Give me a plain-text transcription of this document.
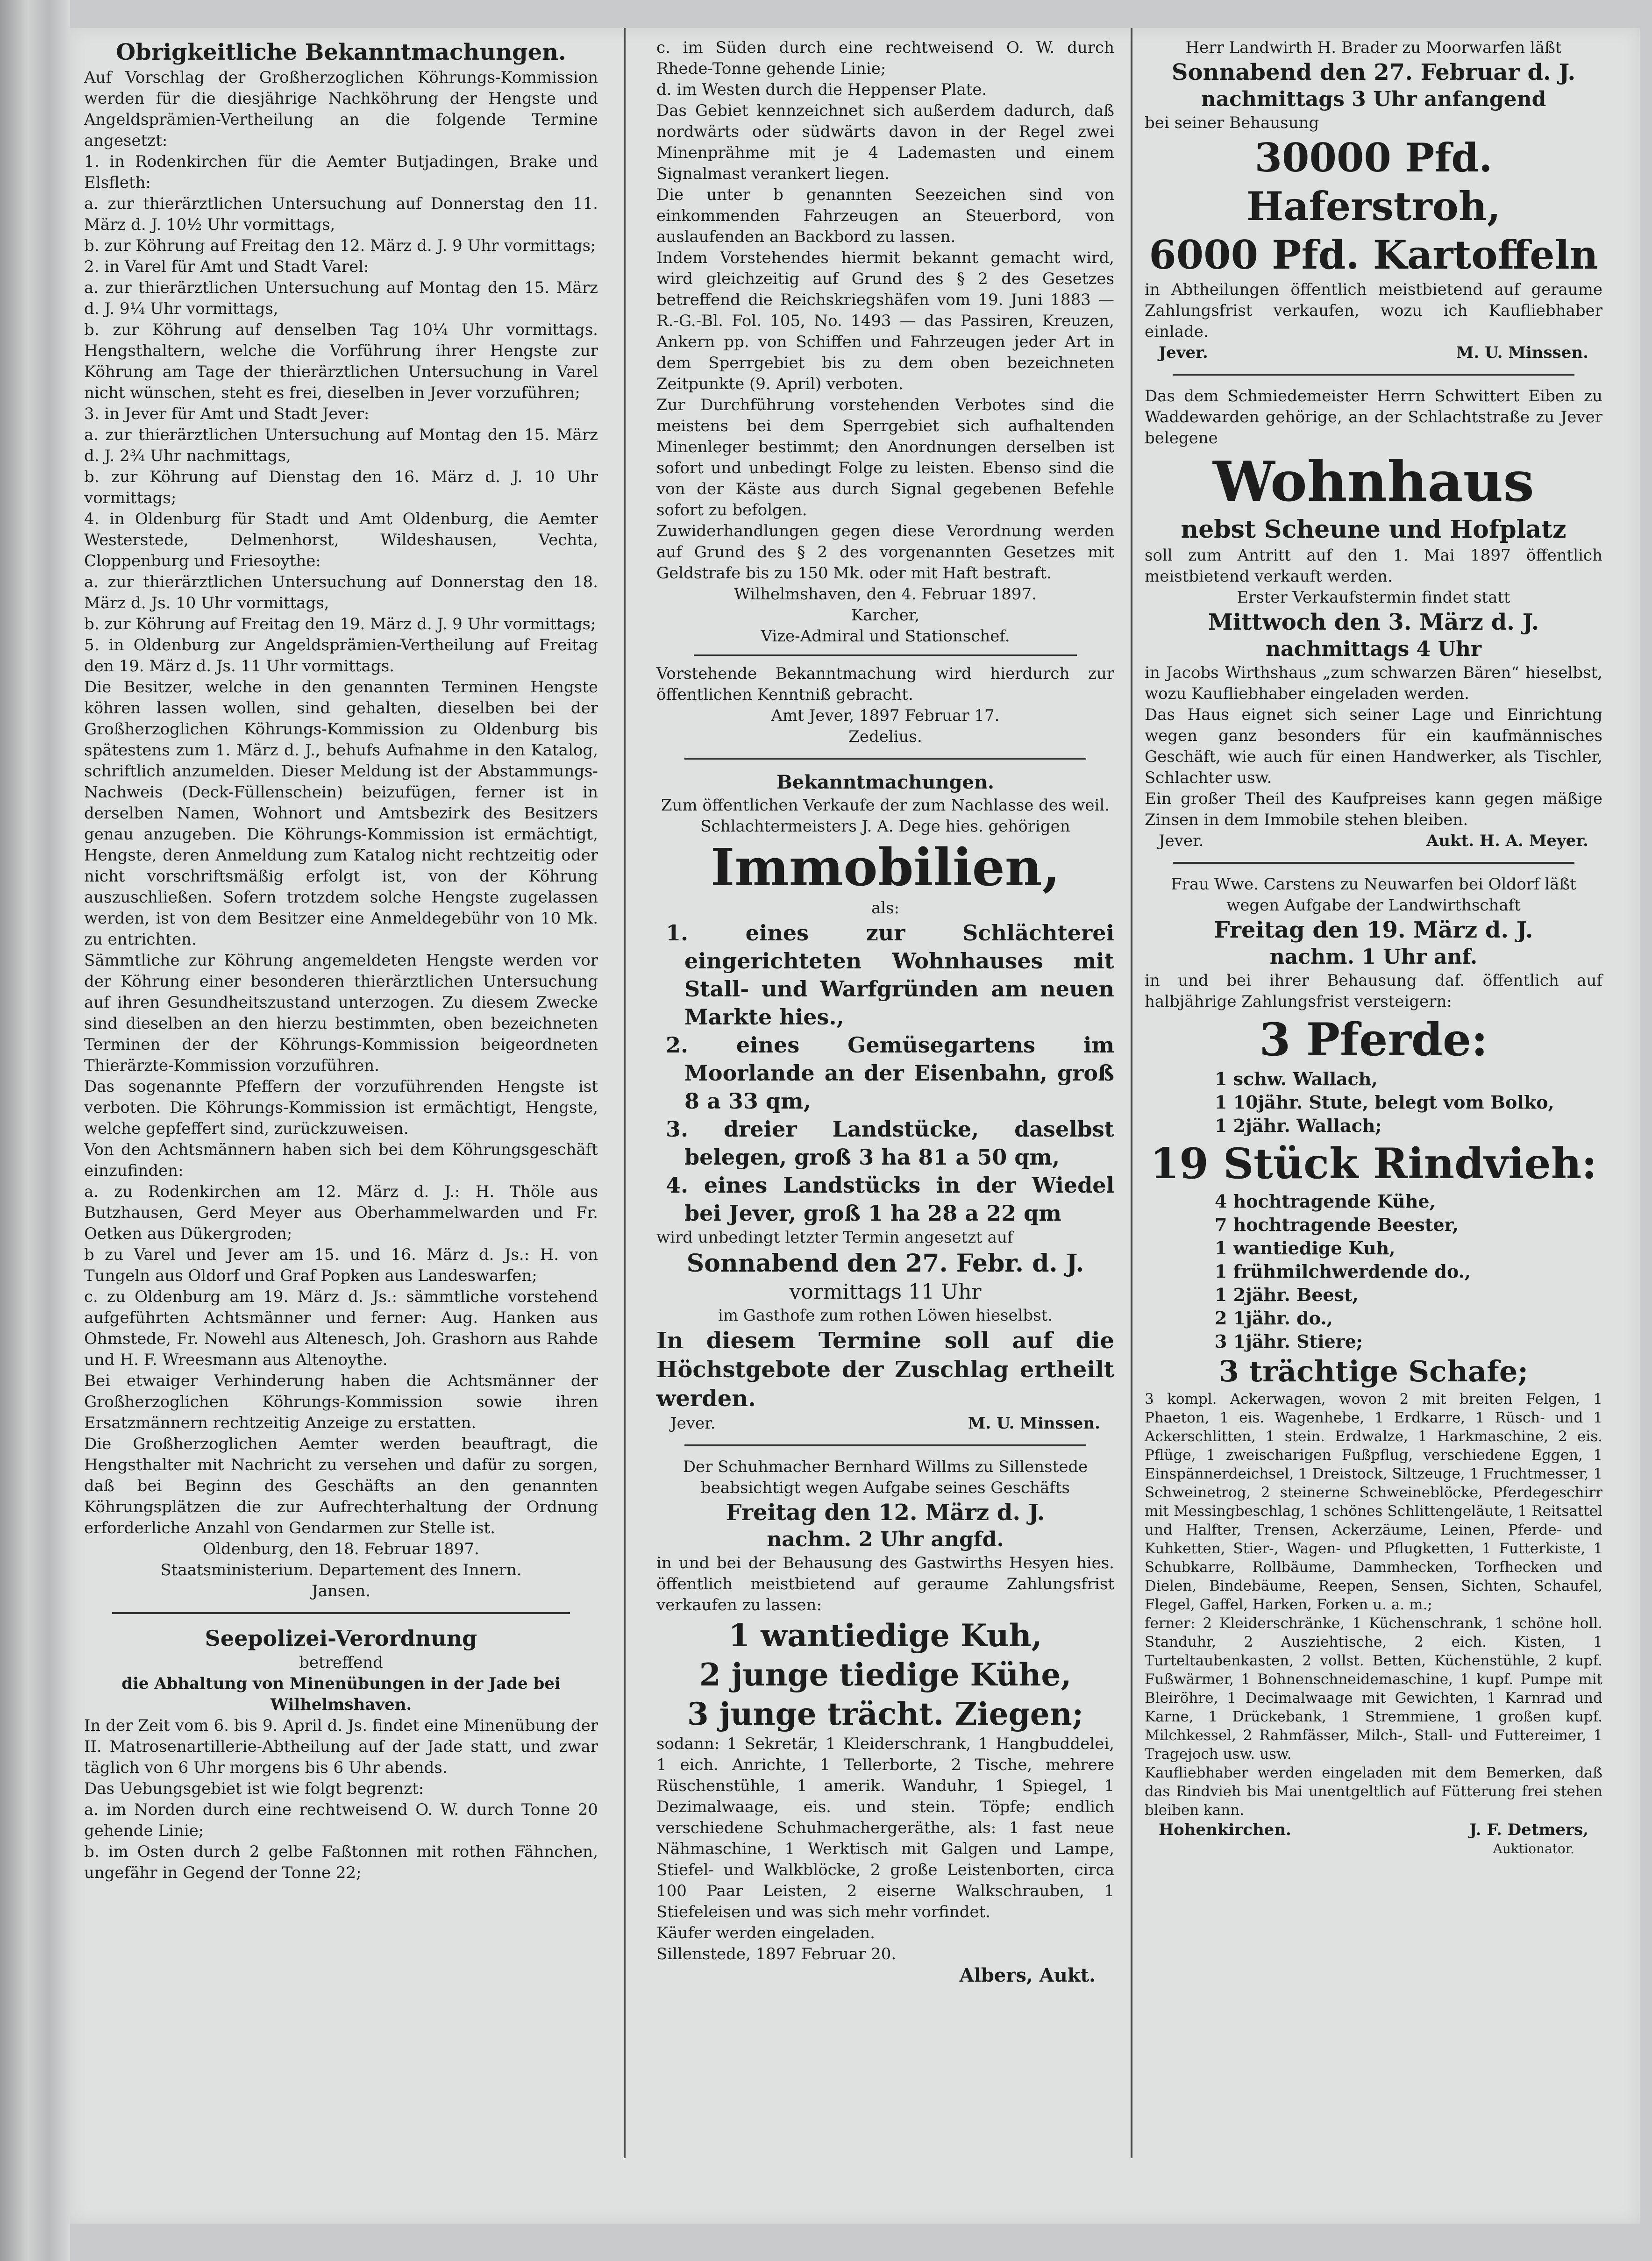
Obrigkeitliche Bekanntmachungen.

Auf Vorschlag der Großherzoglichen Köhrungs-Kommission werden für die diesjährige Nachköhrung der Hengste und Angeldsprämien-Vertheilung an die folgende Termine angesetzt:

1. in Rodenkirchen für die Aemter Butjadingen, Brake und Elsfleth:

a. zur thierärztlichen Untersuchung auf Donnerstag den 11. März d. J. 10½ Uhr vormittags,

b. zur Köhrung auf Freitag den 12. März d. J. 9 Uhr vormittags;

2. in Varel für Amt und Stadt Varel:

a. zur thierärztlichen Untersuchung auf Montag den 15. März d. J. 9¼ Uhr vormittags,

b. zur Köhrung auf denselben Tag 10¼ Uhr vormittags. Hengsthaltern, welche die Vorführung ihrer Hengste zur Köhrung am Tage der thierärztlichen Untersuchung in Varel nicht wünschen, steht es frei, dieselben in Jever vorzuführen;

3. in Jever für Amt und Stadt Jever:

a. zur thierärztlichen Untersuchung auf Montag den 15. März d. J. 2¾ Uhr nachmittags,

b. zur Köhrung auf Dienstag den 16. März d. J. 10 Uhr vormittags;

4. in Oldenburg für Stadt und Amt Oldenburg, die Aemter Westerstede, Delmenhorst, Wildeshausen, Vechta, Cloppenburg und Friesoythe:

a. zur thierärztlichen Untersuchung auf Donnerstag den 18. März d. Js. 10 Uhr vormittags,

b. zur Köhrung auf Freitag den 19. März d. J. 9 Uhr vormittags;

5. in Oldenburg zur Angeldsprämien-Vertheilung auf Freitag den 19. März d. Js. 11 Uhr vormittags.

Die Besitzer, welche in den genannten Terminen Hengste köhren lassen wollen, sind gehalten, dieselben bei der Großherzoglichen Köhrungs-Kommission zu Oldenburg bis spätestens zum 1. März d. J., behufs Aufnahme in den Katalog, schriftlich anzumelden. Dieser Meldung ist der Abstammungs-Nachweis (Deck-Füllenschein) beizufügen, ferner ist in derselben Namen, Wohnort und Amtsbezirk des Besitzers genau anzugeben. Die Köhrungs-Kommission ist ermächtigt, Hengste, deren Anmeldung zum Katalog nicht rechtzeitig oder nicht vorschriftsmäßig erfolgt ist, von der Köhrung auszuschließen. Sofern trotzdem solche Hengste zugelassen werden, ist von dem Besitzer eine Anmeldegebühr von 10 Mk. zu entrichten.

Sämmtliche zur Köhrung angemeldeten Hengste werden vor der Köhrung einer besonderen thierärztlichen Untersuchung auf ihren Gesundheitszustand unterzogen. Zu diesem Zwecke sind dieselben an den hierzu bestimmten, oben bezeichneten Terminen der der Köhrungs-Kommission beigeordneten Thierärzte-Kommission vorzuführen.

Das sogenannte Pfeffern der vorzuführenden Hengste ist verboten. Die Köhrungs-Kommission ist ermächtigt, Hengste, welche gepfeffert sind, zurückzuweisen.

Von den Achtsmännern haben sich bei dem Köhrungsgeschäft einzufinden:

a. zu Rodenkirchen am 12. März d. J.: H. Thöle aus Butzhausen, Gerd Meyer aus Oberhammelwarden und Fr. Oetken aus Dükergroden;

b zu Varel und Jever am 15. und 16. März d. Js.: H. von Tungeln aus Oldorf und Graf Popken aus Landeswarfen;

c. zu Oldenburg am 19. März d. Js.: sämmtliche vorstehend aufgeführten Achtsmänner und ferner: Aug. Hanken aus Ohmstede, Fr. Nowehl aus Altenesch, Joh. Grashorn aus Rahde und H. F. Wreesmann aus Altenoythe.

Bei etwaiger Verhinderung haben die Achtsmänner der Großherzoglichen Köhrungs-Kommission sowie ihren Ersatzmännern rechtzeitig Anzeige zu erstatten.

Die Großherzoglichen Aemter werden beauftragt, die Hengsthalter mit Nachricht zu versehen und dafür zu sorgen, daß bei Beginn des Geschäfts an den genannten Köhrungsplätzen die zur Aufrechterhaltung der Ordnung erforderliche Anzahl von Gendarmen zur Stelle ist.

Oldenburg, den 18. Februar 1897.

Staatsministerium. Departement des Innern.

Jansen.

Seepolizei-Verordnung

betreffend

die Abhaltung von Minenübungen in der Jade bei Wilhelmshaven.

In der Zeit vom 6. bis 9. April d. Js. findet eine Minenübung der II. Matrosenartillerie-Abtheilung auf der Jade statt, und zwar täglich von 6 Uhr morgens bis 6 Uhr abends.

Das Uebungsgebiet ist wie folgt begrenzt:

a. im Norden durch eine rechtweisend O. W. durch Tonne 20 gehende Linie;

b. im Osten durch 2 gelbe Faßtonnen mit rothen Fähnchen, ungefähr in Gegend der Tonne 22;

c. im Süden durch eine rechtweisend O. W. durch Rhede-Tonne gehende Linie;

d. im Westen durch die Heppenser Plate.

Das Gebiet kennzeichnet sich außerdem dadurch, daß nordwärts oder südwärts davon in der Regel zwei Minenprähme mit je 4 Lademasten und einem Signalmast verankert liegen.

Die unter b genannten Seezeichen sind von einkommenden Fahrzeugen an Steuerbord, von auslaufenden an Backbord zu lassen.

Indem Vorstehendes hiermit bekannt gemacht wird, wird gleichzeitig auf Grund des § 2 des Gesetzes betreffend die Reichskriegshäfen vom 19. Juni 1883 — R.-G.-Bl. Fol. 105, No. 1493 — das Passiren, Kreuzen, Ankern pp. von Schiffen und Fahrzeugen jeder Art in dem Sperrgebiet bis zu dem oben bezeichneten Zeitpunkte (9. April) verboten.

Zur Durchführung vorstehenden Verbotes sind die meistens bei dem Sperrgebiet sich aufhaltenden Minenleger bestimmt; den Anordnungen derselben ist sofort und unbedingt Folge zu leisten. Ebenso sind die von der Käste aus durch Signal gegebenen Befehle sofort zu befolgen.

Zuwiderhandlungen gegen diese Verordnung werden auf Grund des § 2 des vorgenannten Gesetzes mit Geldstrafe bis zu 150 Mk. oder mit Haft bestraft.

Wilhelmshaven, den 4. Februar 1897.

Karcher,

Vize-Admiral und Stationschef.

Vorstehende Bekanntmachung wird hierdurch zur öffentlichen Kenntniß gebracht.

Amt Jever, 1897 Februar 17.

Zedelius.

Bekanntmachungen.

Zum öffentlichen Verkaufe der zum Nachlasse des weil. Schlachtermeisters J. A. Dege hies. gehörigen

Immobilien,

als:

1. eines zur Schlächterei eingerichteten Wohnhauses mit Stall- und Warfgründen am neuen Markte hies.,

2. eines Gemüsegartens im Moorlande an der Eisenbahn, groß 8 a 33 qm,

3. dreier Landstücke, daselbst belegen, groß 3 ha 81 a 50 qm,

4. eines Landstücks in der Wiedel bei Jever, groß 1 ha 28 a 22 qm

wird unbedingt letzter Termin angesetzt auf

Sonnabend den 27. Febr. d. J.

vormittags 11 Uhr

im Gasthofe zum rothen Löwen hieselbst.

In diesem Termine soll auf die Höchstgebote der Zuschlag ertheilt werden.

Jever.	M. U. Minssen.

Der Schuhmacher Bernhard Willms zu Sillenstede beabsichtigt wegen Aufgabe seines Geschäfts

Freitag den 12. März d. J.

nachm. 2 Uhr angfd.

in und bei der Behausung des Gastwirths Hesyen hies. öffentlich meistbietend auf geraume Zahlungsfrist verkaufen zu lassen:

1 wantiedige Kuh,

2 junge tiedige Kühe,

3 junge trächt. Ziegen;

sodann: 1 Sekretär, 1 Kleiderschrank, 1 Hangbuddelei, 1 eich. Anrichte, 1 Tellerborte, 2 Tische, mehrere Rüschenstühle, 1 amerik. Wanduhr, 1 Spiegel, 1 Dezimalwaage, eis. und stein. Töpfe; endlich verschiedene Schuhmachergeräthe, als: 1 fast neue Nähmaschine, 1 Werktisch mit Galgen und Lampe, Stiefel- und Walkblöcke, 2 große Leistenborten, circa 100 Paar Leisten, 2 eiserne Walkschrauben, 1 Stiefeleisen und was sich mehr vorfindet.

Käufer werden eingeladen.

Sillenstede, 1897 Februar 20.

Albers, Aukt.

Herr Landwirth H. Brader zu Moorwarfen läßt

Sonnabend den 27. Februar d. J.

nachmittags 3 Uhr anfangend

bei seiner Behausung

30000 Pfd. Haferstroh,

6000 Pfd. Kartoffeln

in Abtheilungen öffentlich meistbietend auf geraume Zahlungsfrist verkaufen, wozu ich Kaufliebhaber einlade.

Jever.	M. U. Minssen.

Das dem Schmiedemeister Herrn Schwittert Eiben zu Waddewarden gehörige, an der Schlachtstraße zu Jever belegene

Wohnhaus

nebst Scheune und Hofplatz

soll zum Antritt auf den 1. Mai 1897 öffentlich meistbietend verkauft werden.

Erster Verkaufstermin findet statt

Mittwoch den 3. März d. J.

nachmittags 4 Uhr

in Jacobs Wirthshaus „zum schwarzen Bären“ hieselbst, wozu Kaufliebhaber eingeladen werden.

Das Haus eignet sich seiner Lage und Einrichtung wegen ganz besonders für ein kaufmännisches Geschäft, wie auch für einen Handwerker, als Tischler, Schlachter usw.

Ein großer Theil des Kaufpreises kann gegen mäßige Zinsen in dem Immobile stehen bleiben.

Jever.	Aukt. H. A. Meyer.

Frau Wwe. Carstens zu Neuwarfen bei Oldorf läßt wegen Aufgabe der Landwirthschaft

Freitag den 19. März d. J.

nachm. 1 Uhr anf.

in und bei ihrer Behausung daf. öffentlich auf halbjährige Zahlungsfrist versteigern:

3 Pferde:

1 schw. Wallach,

1 10jähr. Stute, belegt vom Bolko,

1 2jähr. Wallach;

19 Stück Rindvieh:

4 hochtragende Kühe,

7 hochtragende Beester,

1 wantiedige Kuh,

1 frühmilchwerdende do.,

1 2jähr. Beest,

2 1jähr. do.,

3 1jähr. Stiere;

3 trächtige Schafe;

3 kompl. Ackerwagen, wovon 2 mit breiten Felgen, 1 Phaeton, 1 eis. Wagenhebe, 1 Erdkarre, 1 Rüsch- und 1 Ackerschlitten, 1 stein. Erdwalze, 1 Harkmaschine, 2 eis. Pflüge, 1 zweischarigen Fußpflug, verschiedene Eggen, 1 Einspännerdeichsel, 1 Dreistock, Siltzeuge, 1 Fruchtmesser, 1 Schweinetrog, 2 steinerne Schweineblöcke, Pferdegeschirr mit Messingbeschlag, 1 schönes Schlittengeläute, 1 Reitsattel und Halfter, Trensen, Ackerzäume, Leinen, Pferde- und Kuhketten, Stier-, Wagen- und Pflugketten, 1 Futterkiste, 1 Schubkarre, Rollbäume, Dammhecken, Torfhecken und Dielen, Bindebäume, Reepen, Sensen, Sichten, Schaufel, Flegel, Gaffel, Harken, Forken u. a. m.;

ferner: 2 Kleiderschränke, 1 Küchenschrank, 1 schöne holl. Standuhr, 2 Ausziehtische, 2 eich. Kisten, 1 Turteltaubenkasten, 2 vollst. Betten, Küchenstühle, 2 kupf. Fußwärmer, 1 Bohnenschneidemaschine, 1 kupf. Pumpe mit Bleiröhre, 1 Decimalwaage mit Gewichten, 1 Karnrad und Karne, 1 Drückebank, 1 Stremmiene, 1 großen kupf. Milchkessel, 2 Rahmfässer, Milch-, Stall- und Futtereimer, 1 Tragejoch usw. usw.

Kaufliebhaber werden eingeladen mit dem Bemerken, daß das Rindvieh bis Mai unentgeltlich auf Fütterung frei stehen bleiben kann.

Hohenkirchen.	J. F. Detmers,

Auktionator.
